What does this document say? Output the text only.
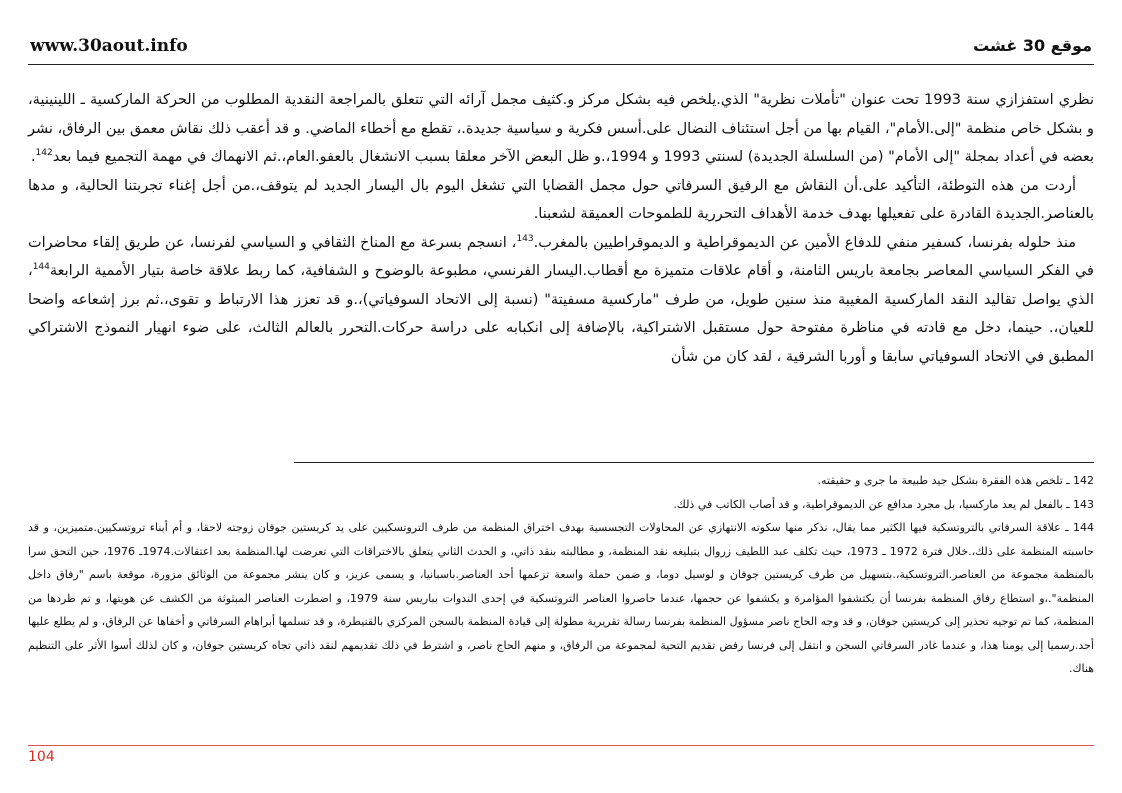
www.30aout.info	موقع 30 غشت

نظري استفزازي سنة 1993 تحت عنوان "تأملات نظرية" الذي.يلخص فيه بشكل مركز و.كثيف مجمل آرائه التي تتعلق بالمراجعة النقدية المطلوب من الحركة الماركسية ـ اللينينية، و بشكل خاص منظمة "إلى.الأمام"، القيام بها من أجل استئناف النضال على.أسس فكرية و سياسية جديدة.، تقطع مع أخطاء الماضي. و قد أعقب ذلك نقاش معمق بين الرفاق، نشر بعضه في أعداد بمجلة "إلى الأمام" (من السلسلة الجديدة) لسنتي 1993 و 1994،.و ظل البعض الآخر معلقا بسبب الانشغال بالعفو.العام،.ثم الانهماك في مهمة التجميع فيما بعد$^{142}$.

أردت من هذه التوطئة، التأكيد على.أن النقاش مع الرفيق السرفاتي حول مجمل القضايا التي تشغل اليوم بال اليسار الجديد لم يتوقف،.من أجل إغناء تجربتنا الحالية، و مدها بالعناصر.الجديدة القادرة على تفعيلها بهدف خدمة الأهداف التحررية للطموحات العميقة لشعبنا.

منذ حلوله بفرنسا، كسفير منفي للدفاع الأمين عن الديموقراطية و الديموقراطيين بالمغرب.$^{143}$، انسجم بسرعة مع المناخ الثقافي و السياسي لفرنسا، عن طريق إلقاء محاضرات في الفكر السياسي المعاصر بجامعة باريس الثامنة، و أقام علاقات متميزة مع أقطاب.اليسار الفرنسي، مطبوعة بالوضوح و الشفافية، كما ربط علاقة خاصة بتيار الأممية الرابعة$^{144}$، الذي يواصل تقاليد النقد الماركسية المغيبة منذ سنين طويل، من طرف "ماركسية مسفيتة" (نسبة إلى الاتحاد السوفياتي)،.و قد تعزز هذا الارتباط و تقوى،.ثم برز إشعاعه واضحا للعيان،. حينما، دخل مع قادته في مناظرة مفتوحة حول مستقبل الاشتراكية، بالإضافة إلى انكبابه على دراسة حركات.التحرر بالعالم الثالث، على ضوء انهيار النموذج الاشتراكي المطبق في الاتحاد السوفياتي سابقا و أوربا الشرقية ، لقد كان من شأن

142 ـ تلخص هذه الفقرة بشكل جيد طبيعة ما جرى و حقيقته.

143 ـ بالفعل لم يعد ماركسيا، بل مجرد مدافع عن الديموقراطية، و قد أصاب الكاتب في ذلك.

144 ـ علاقة السرفاتي بالتروتسكية فيها الكثير مما يقال، نذكر منها سكوته الانتهازي عن المحاولات التجسسية بهدف اختراق المنظمة من طرف التروتسكيين على يد كريستين جوفان زوجته لاحقا، و أم أبناء تروتسكيين.متميزين، و قد حاسبته المنظمة على ذلك،.خلال فترة 1972 ـ 1973، حيث تكلف عبد اللطيف زروال بتبليغه نقد المنظمة، و مطالبته بنقد ذاتي، و الحدث الثاني يتعلق بالاختراقات التي تعرضت لها.المنظمة بعد اعتقالات.1974ـ 1976، حين التحق سرا بالمنظمة مجموعة من العناصر.التروتسكية،.بتسهيل من طرف كريستين جوفان و لوسيل دوما، و ضمن حملة واسعة تزعمها أحد العناصر.باسبانيا، و يسمى عزيز، و كان ينشر مجموعة من الوثائق مزورة، موقعة باسم "رفاق داخل المنظمة".،و استطاع رفاق المنظمة بفرنسا أن يكتشفوا المؤامرة و يكشفوا عن حجمها، عندما حاصروا العناصر التروتسكية في إحدى الندوات بباريس سنة 1979، و اضطرت العناصر المبثوثة من الكشف عن هويتها، و تم طردها من المنظمة، كما تم توجيه تحذير إلى كريستين جوفان، و قد وجه الحاج ناصر مسؤول المنظمة بفرنسا رسالة تقريرية مطولة إلى قيادة المنظمة بالسجن المركزي بالقنيطرة، و قد تسلمها أبراهام السرفاتي و أخفاها عن الرفاق، و لم يطلع عليها أحد.رسميا إلى يومنا هذا، و عندما غادر السرفاتي السجن و انتقل إلى فرنسا رفض تقديم التحية لمجموعة من الرفاق، و منهم الحاج ناصر، و اشترط في ذلك تقديمهم لنقد ذاتي تجاه كريستين جوفان، و كان لذلك أسوا الأثر على التنظيم هناك.

104
